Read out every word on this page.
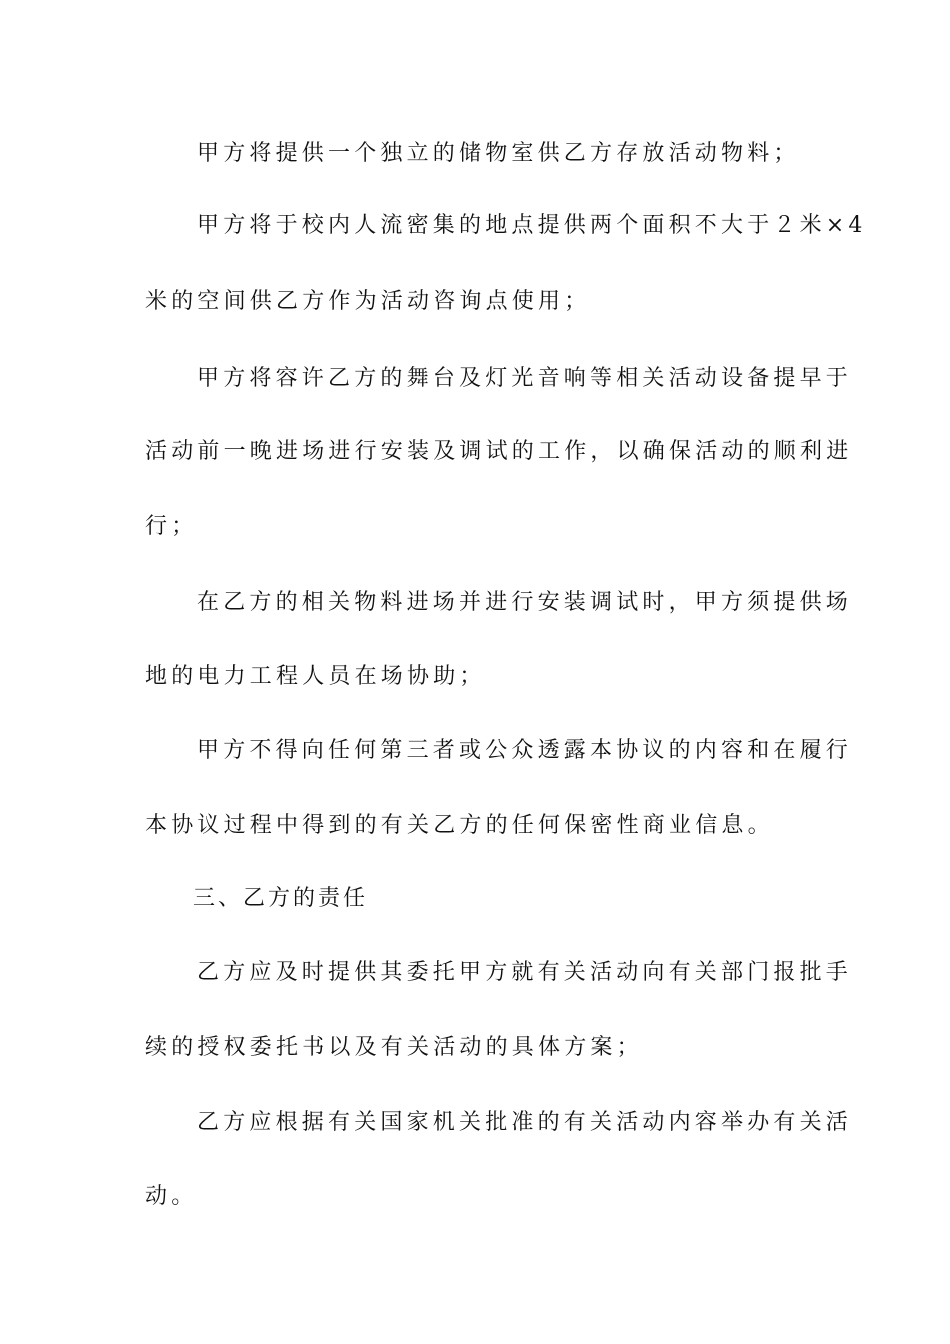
甲方将提供一个独立的储物室供乙方存放活动物料；
甲方将于校内人流密集的地点提供两个面积不大于２米×4
米的空间供乙方作为活动咨询点使用；
甲方将容许乙方的舞台及灯光音响等相关活动设备提早于
活动前一晚进场进行安装及调试的工作，以确保活动的顺利进
行；
在乙方的相关物料进场并进行安装调试时，甲方须提供场
地的电力工程人员在场协助；
甲方不得向任何第三者或公众透露本协议的内容和在履行
本协议过程中得到的有关乙方的任何保密性商业信息。
三、乙方的责任
乙方应及时提供其委托甲方就有关活动向有关部门报批手
续的授权委托书以及有关活动的具体方案；
乙方应根据有关国家机关批准的有关活动内容举办有关活
动。
